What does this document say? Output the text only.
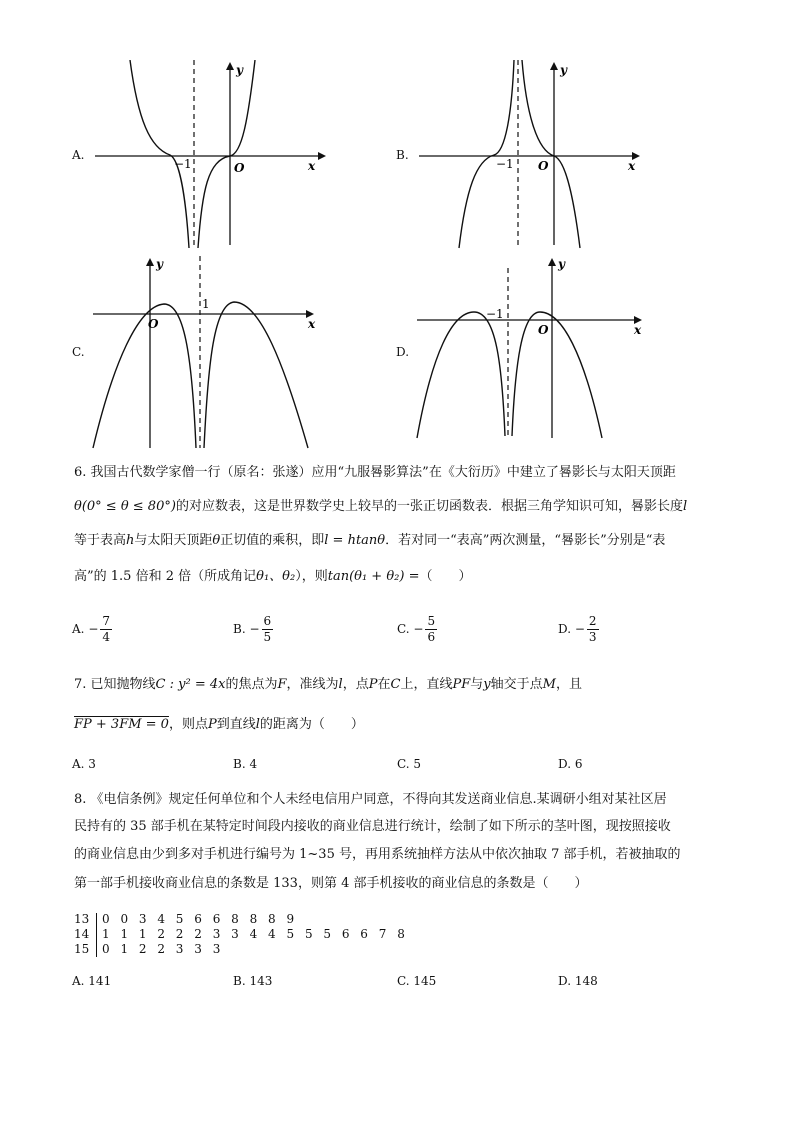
A.
−1	O	x
y
B.
−1 O	x
y
C.
O
1
x
y
D.
−1
O	x
y
6. 我国古代数学家僧一行（原名：张遂）应用“九服晷影算法”在《大衍历》中建立了晷影长与太阳天顶距
θ(0° ≤ θ ≤ 80°)的对应数表，这是世界数学史上较早的一张正切函数表．根据三角学知识可知，晷影长度l
等于表高h与太阳天顶距θ正切值的乘积，即l = htanθ．若对同一“表高”两次测量，“晷影长”分别是“表
高”的 1.5 倍和 2 倍（所成角记θ₁、θ₂），则tan(θ₁ + θ₂) =（　　）
A. − $\frac{7}{4}$	B. − $\frac{6}{5}$	C. − $\frac{5}{6}$	D. − $\frac{2}{3}$
7. 已知抛物线C : y² = 4x的焦点为F，准线为l，点P在C上，直线PF与y轴交于点M，且
FP + 3FM = 0，则点P到直线l的距离为（　　）
A. 3	B. 4	C. 5	D. 6
8. 《电信条例》规定任何单位和个人未经电信用户同意，不得向其发送商业信息.某调研小组对某社区居
民持有的 35 部手机在某特定时间段内接收的商业信息进行统计，绘制了如下所示的茎叶图，现按照接收
的商业信息由少到多对手机进行编号为 1~35 号，再用系统抽样方法从中依次抽取 7 部手机，若被抽取的
第一部手机接收商业信息的条数是 133，则第 4 部手机接收的商业信息的条数是（　　）
13 0 0 3 4 5 6 6 8 8 8 9
14 1 1 1 2 2 2 3 3 4 4 5 5 5 6 6 7 8
15 0 1 2 2 3 3 3
A. 141	B. 143	C. 145	D. 148
